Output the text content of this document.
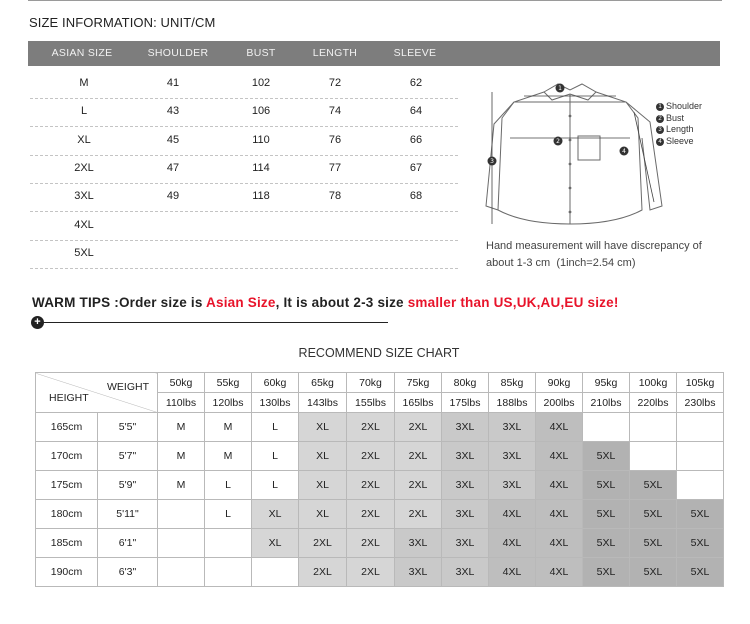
SIZE INFORMATION: UNIT/CM
ASIAN SIZE	SHOULDER	BUST	LENGTH	SLEEVE
M	41	102	72	62
L	43	106	74	64
XL	45	110	76	66
2XL	47	114	77	67
3XL	49	118	78	68
4XL
5XL
1
2
3
4
1 Shoulder
2 Bust
3 Length
4 Sleeve
Hand measurement will have discrepancy of about 1-3 cm  (1inch=2.54 cm)
WARM TIPS :Order size is Asian Size, It is about 2-3 size smaller than US,UK,AU,EU size!
+
RECOMMEND SIZE CHART
WEIGHT
HEIGHT		50kg	55kg	60kg	65kg	70kg	75kg	80kg	85kg	90kg	95kg	100kg	105kg
		110lbs	120lbs	130lbs	143lbs	155lbs	165lbs	175lbs	188lbs	200lbs	210lbs	220lbs	230lbs
165cm	5'5"	M	M	L	XL	2XL	2XL	3XL	3XL	4XL			
170cm	5'7"	M	M	L	XL	2XL	2XL	3XL	3XL	4XL	5XL		
175cm	5'9"	M	L	L	XL	2XL	2XL	3XL	3XL	4XL	5XL	5XL	
180cm	5'11"		L	XL	XL	2XL	2XL	3XL	4XL	4XL	5XL	5XL	5XL
185cm	6'1"			XL	2XL	2XL	3XL	3XL	4XL	4XL	5XL	5XL	5XL
190cm	6'3"				2XL	2XL	3XL	3XL	4XL	4XL	5XL	5XL	5XL
